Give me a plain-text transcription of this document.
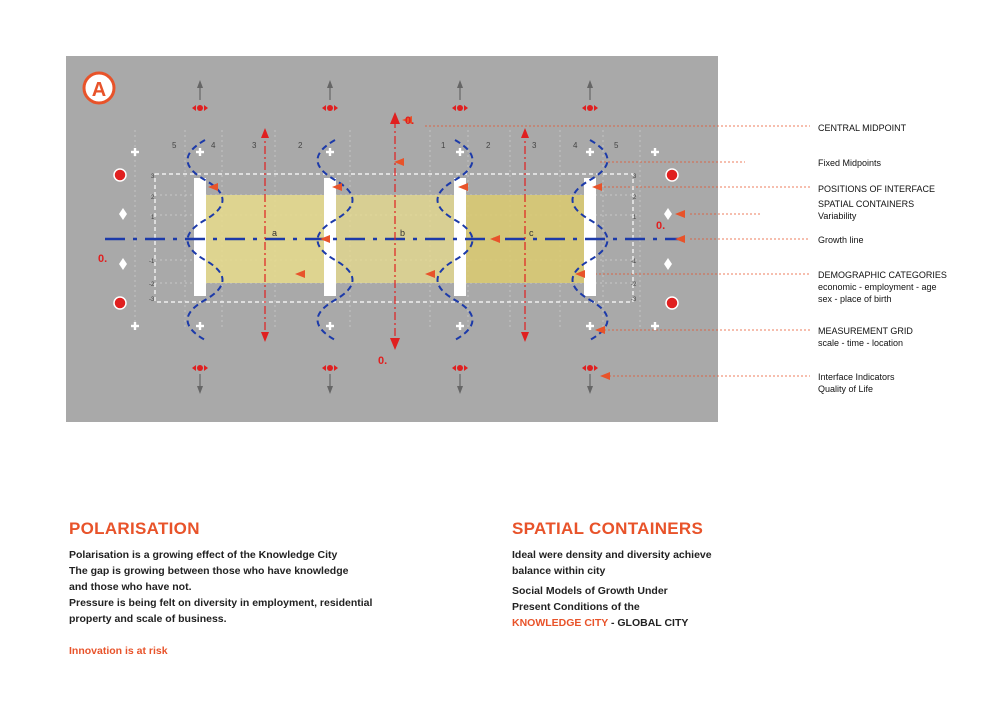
A
0.
0.
0.
0.
a	b	c
5	4	3	2	1	2	3	4	5
3
2
1
-1
-2
-3
3
2
1
-1
-2
-3
CENTRAL MIDPOINT
Fixed Midpoints
POSITIONS OF INTERFACE
SPATIAL CONTAINERS
Variability
Growth line
DEMOGRAPHIC CATEGORIES
economic - employment - age
sex - place of birth
MEASUREMENT GRID
scale - time - location
Interface Indicators
Quality of Life
POLARISATION
Polarisation is a growing effect of the Knowledge City
The gap is growing between those who have knowledge
and those who have not.
Pressure is being felt on diversity in employment, residential
property and scale of business.
Innovation is at risk
SPATIAL CONTAINERS
Ideal were density and diversity achieve
balance within city
Social Models of Growth Under
Present Conditions of the
KNOWLEDGE CITY - GLOBAL CITY
